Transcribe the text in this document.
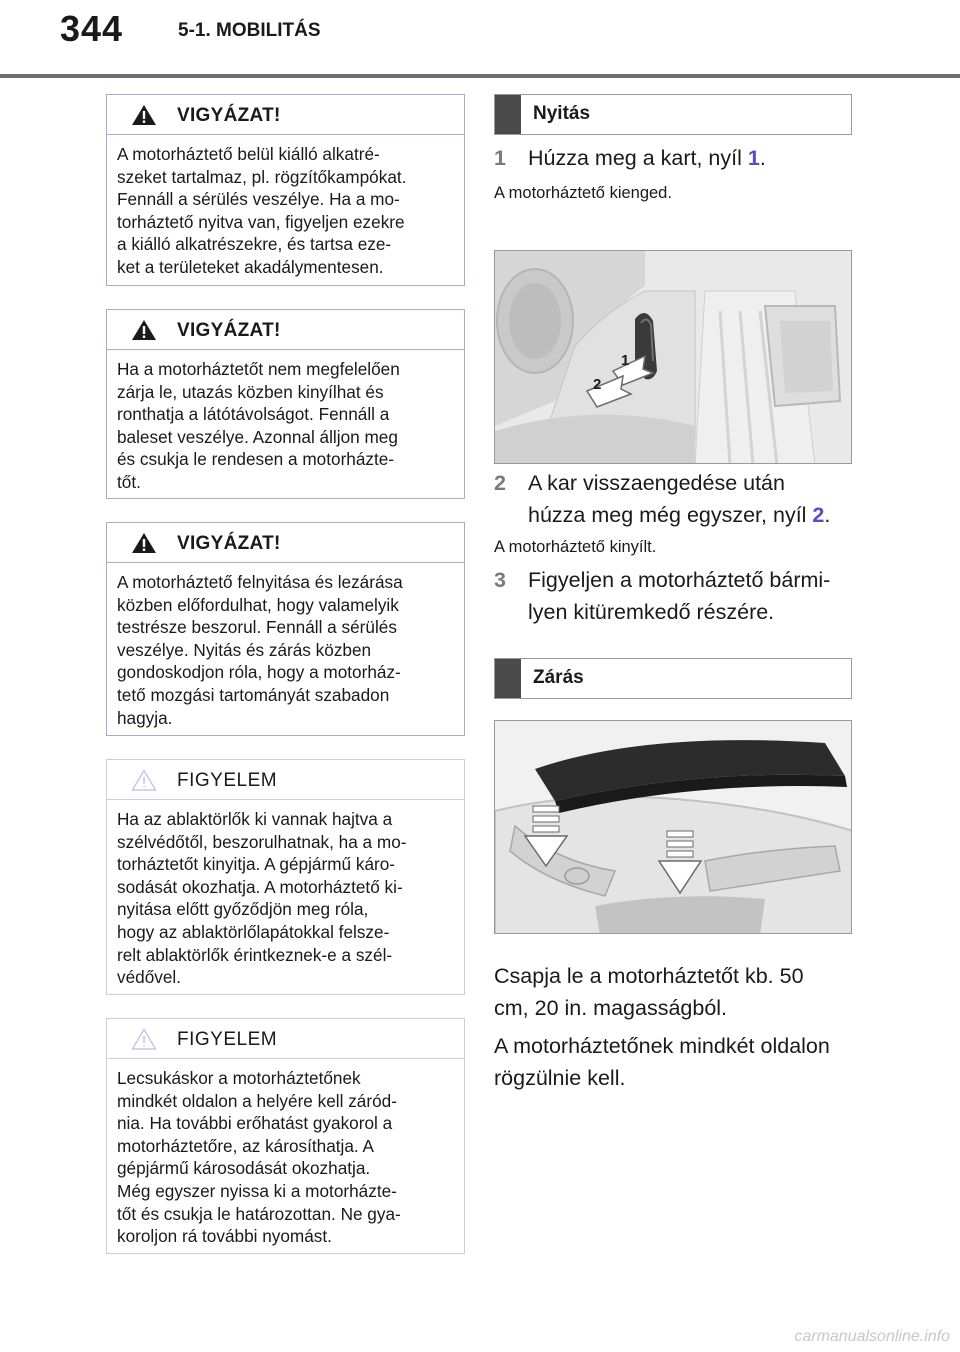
344	5-1. MOBILITÁS
VIGYÁZAT!
A motorháztető belül kiálló alkatré-
szeket tartalmaz, pl. rögzítőkampókat.
Fennáll a sérülés veszélye. Ha a mo-
torháztető nyitva van, figyeljen ezekre
a kiálló alkatrészekre, és tartsa eze-
ket a területeket akadálymentesen.
VIGYÁZAT!
Ha a motorháztetőt nem megfelelően
zárja le, utazás közben kinyílhat és
ronthatja a látótávolságot. Fennáll a
baleset veszélye. Azonnal álljon meg
és csukja le rendesen a motorházte-
tőt.
VIGYÁZAT!
A motorháztető felnyitása és lezárása
közben előfordulhat, hogy valamelyik
testrésze beszorul. Fennáll a sérülés
veszélye. Nyitás és zárás közben
gondoskodjon róla, hogy a motorház-
tető mozgási tartományát szabadon
hagyja.
FIGYELEM
Ha az ablaktörlők ki vannak hajtva a
szélvédőtől, beszorulhatnak, ha a mo-
torháztetőt kinyitja. A gépjármű káro-
sodását okozhatja. A motorháztető ki-
nyitása előtt győződjön meg róla,
hogy az ablaktörlőlapátokkal felsze-
relt ablaktörlők érintkeznek-e a szél-
védővel.
FIGYELEM
Lecsukáskor a motorháztetőnek
mindkét oldalon a helyére kell záród-
nia. Ha további erőhatást gyakorol a
motorháztetőre, az károsíthatja. A
gépjármű károsodását okozhatja.
Még egyszer nyissa ki a motorházte-
tőt és csukja le határozottan. Ne gya-
koroljon rá további nyomást.
Nyitás
1	Húzza meg a kart, nyíl 1.
A motorháztető kienged.
1
2
2	A kar visszaengedése után
húzza meg még egyszer, nyíl 2.
A motorháztető kinyílt.
3	Figyeljen a motorháztető bármi-
lyen kitüremkedő részére.
Zárás
Csapja le a motorháztetőt kb. 50
cm, 20 in. magasságból.
A motorháztetőnek mindkét oldalon
rögzülnie kell.
carmanualsonline.info
